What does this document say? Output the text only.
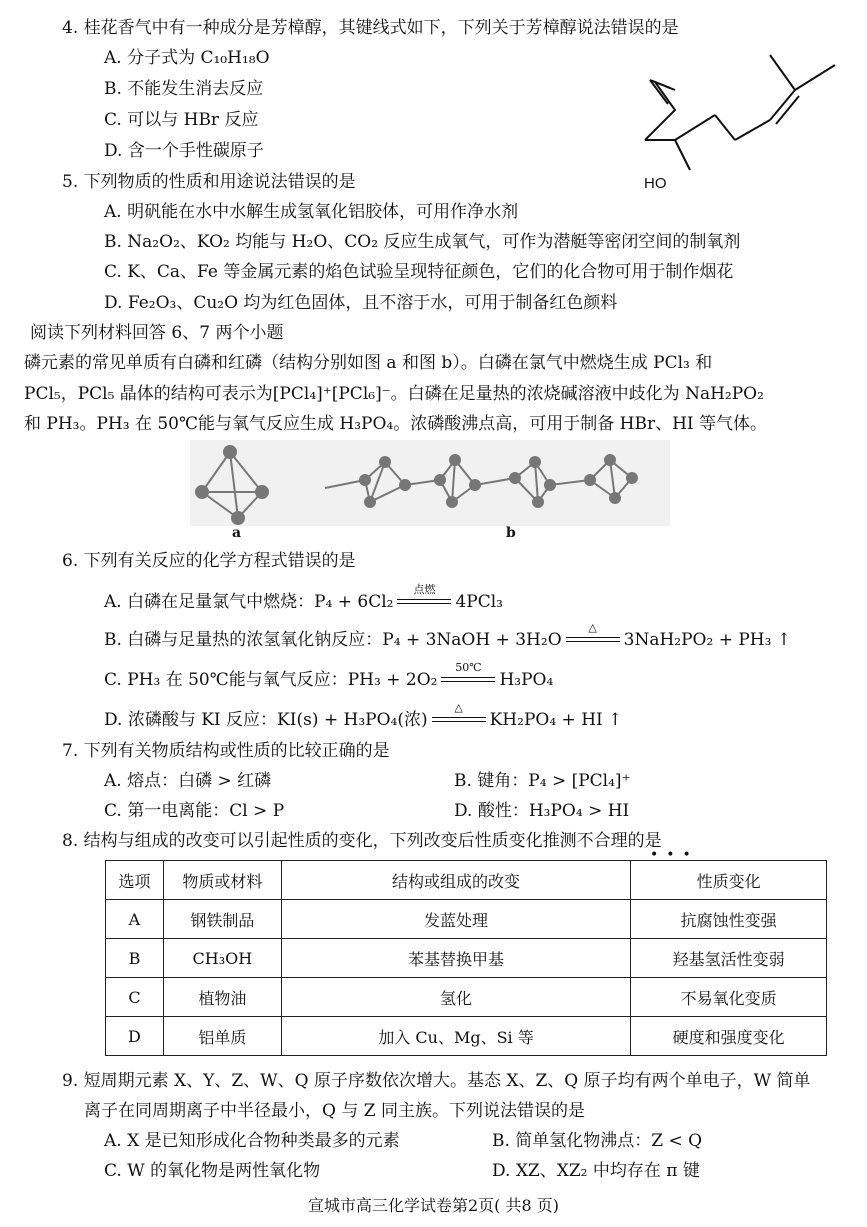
4. 桂花香气中有一种成分是芳樟醇，其键线式如下，下列关于芳樟醇说法错误的是
A. 分子式为 C₁₀H₁₈O
B. 不能发生消去反应
C. 可以与 HBr 反应
D. 含一个手性碳原子
HO
5. 下列物质的性质和用途说法错误的是
A. 明矾能在水中水解生成氢氧化铝胶体，可用作净水剂
B. Na₂O₂、KO₂ 均能与 H₂O、CO₂ 反应生成氧气，可作为潜艇等密闭空间的制氧剂
C. K、Ca、Fe 等金属元素的焰色试验呈现特征颜色，它们的化合物可用于制作烟花
D. Fe₂O₃、Cu₂O 均为红色固体，且不溶于水，可用于制备红色颜料
阅读下列材料回答 6、7 两个小题
磷元素的常见单质有白磷和红磷（结构分别如图 a 和图 b）。白磷在氯气中燃烧生成 PCl₃ 和
PCl₅，PCl₅ 晶体的结构可表示为[PCl₄]⁺[PCl₆]⁻。白磷在足量热的浓烧碱溶液中歧化为 NaH₂PO₂
和 PH₃。PH₃ 在 50℃能与氧气反应生成 H₃PO₄。浓磷酸沸点高，可用于制备 HBr、HI 等气体。
a	b
6. 下列有关反应的化学方程式错误的是
A. 白磷在足量氯气中燃烧：P₄ + 6Cl₂
点燃
4PCl₃
B. 白磷与足量热的浓氢氧化钠反应：P₄ + 3NaOH + 3H₂O
△
3NaH₂PO₂ + PH₃ ↑
C. PH₃ 在 50℃能与氧气反应：PH₃ + 2O₂
50℃
H₃PO₄
D. 浓磷酸与 KI 反应：KI(s) + H₃PO₄(浓)
△
KH₂PO₄ + HI ↑
7. 下列有关物质结构或性质的比较正确的是
A. 熔点：白磷 > 红磷	B. 键角：P₄ > [PCl₄]⁺
C. 第一电离能：Cl > P	D. 酸性：H₃PO₄ > HI
8. 结构与组成的改变可以引起性质的变化，下列改变后性质变化推测不合理的是
•••
选项	物质或材料	结构或组成的改变	性质变化
A	钢铁制品	发蓝处理	抗腐蚀性变强
B	CH₃OH	苯基替换甲基	羟基氢活性变弱
C	植物油	氢化	不易氧化变质
D	铝单质	加入 Cu、Mg、Si 等	硬度和强度变化
9. 短周期元素 X、Y、Z、W、Q 原子序数依次增大。基态 X、Z、Q 原子均有两个单电子，W 简单
离子在同周期离子中半径最小，Q 与 Z 同主族。下列说法错误的是
A. X 是已知形成化合物种类最多的元素	B. 简单氢化物沸点：Z < Q
C. W 的氧化物是两性氧化物	D. XZ、XZ₂ 中均存在 π 键
宣城市高三化学试卷第2页( 共8 页)
